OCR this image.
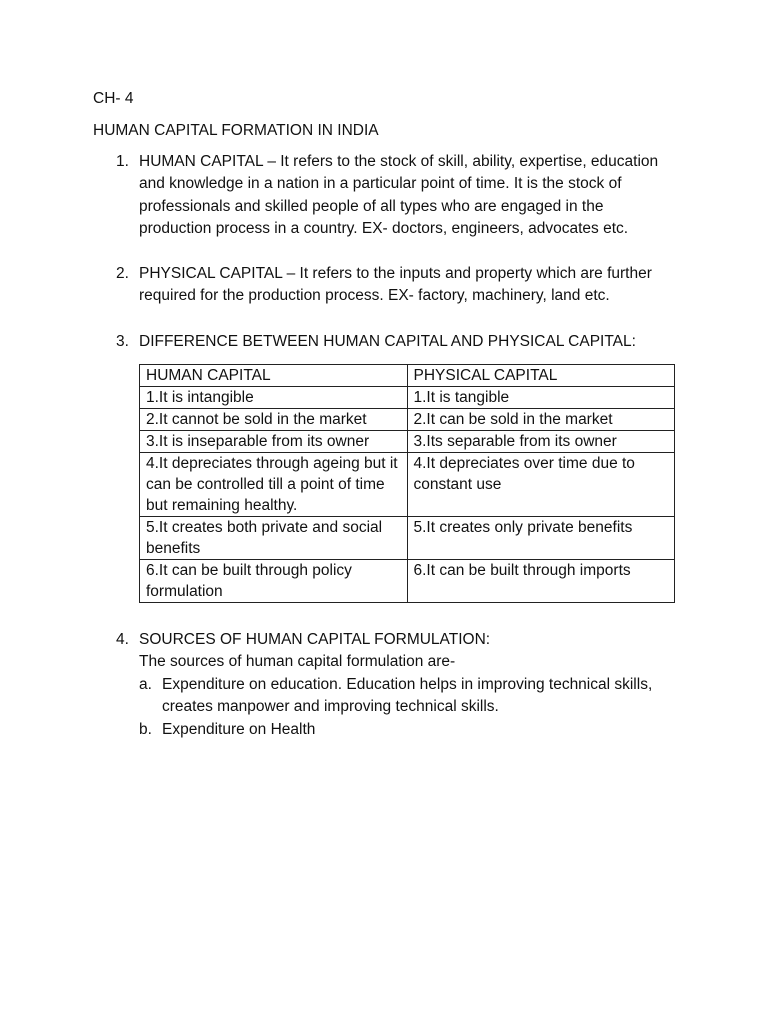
CH- 4

HUMAN CAPITAL FORMATION IN INDIA

1. HUMAN CAPITAL – It refers to the stock of skill, ability, expertise, education and knowledge in a nation in a particular point of time. It is the stock of professionals and skilled people of all types who are engaged in the production process in a country. EX- doctors, engineers, advocates etc.
2. PHYSICAL CAPITAL – It refers to the inputs and property which are further required for the production process. EX- factory, machinery, land etc.
3. DIFFERENCE BETWEEN HUMAN CAPITAL AND PHYSICAL CAPITAL:
HUMAN CAPITAL	PHYSICAL CAPITAL
1.It is intangible	1.It is tangible
2.It cannot be sold in the market	2.It can be sold in the market
3.It is inseparable from its owner	3.Its separable from its owner
4.It depreciates through ageing but it can be controlled till a point of time but remaining healthy.	4.It depreciates over time due to constant use
5.It creates both private and social benefits	5.It creates only private benefits
6.It can be built through policy formulation	6.It can be built through imports
4. SOURCES OF HUMAN CAPITAL FORMULATION:
The sources of human capital formulation are-
a. Expenditure on education. Education helps in improving technical skills, creates manpower and improving technical skills.
b. Expenditure on Health
